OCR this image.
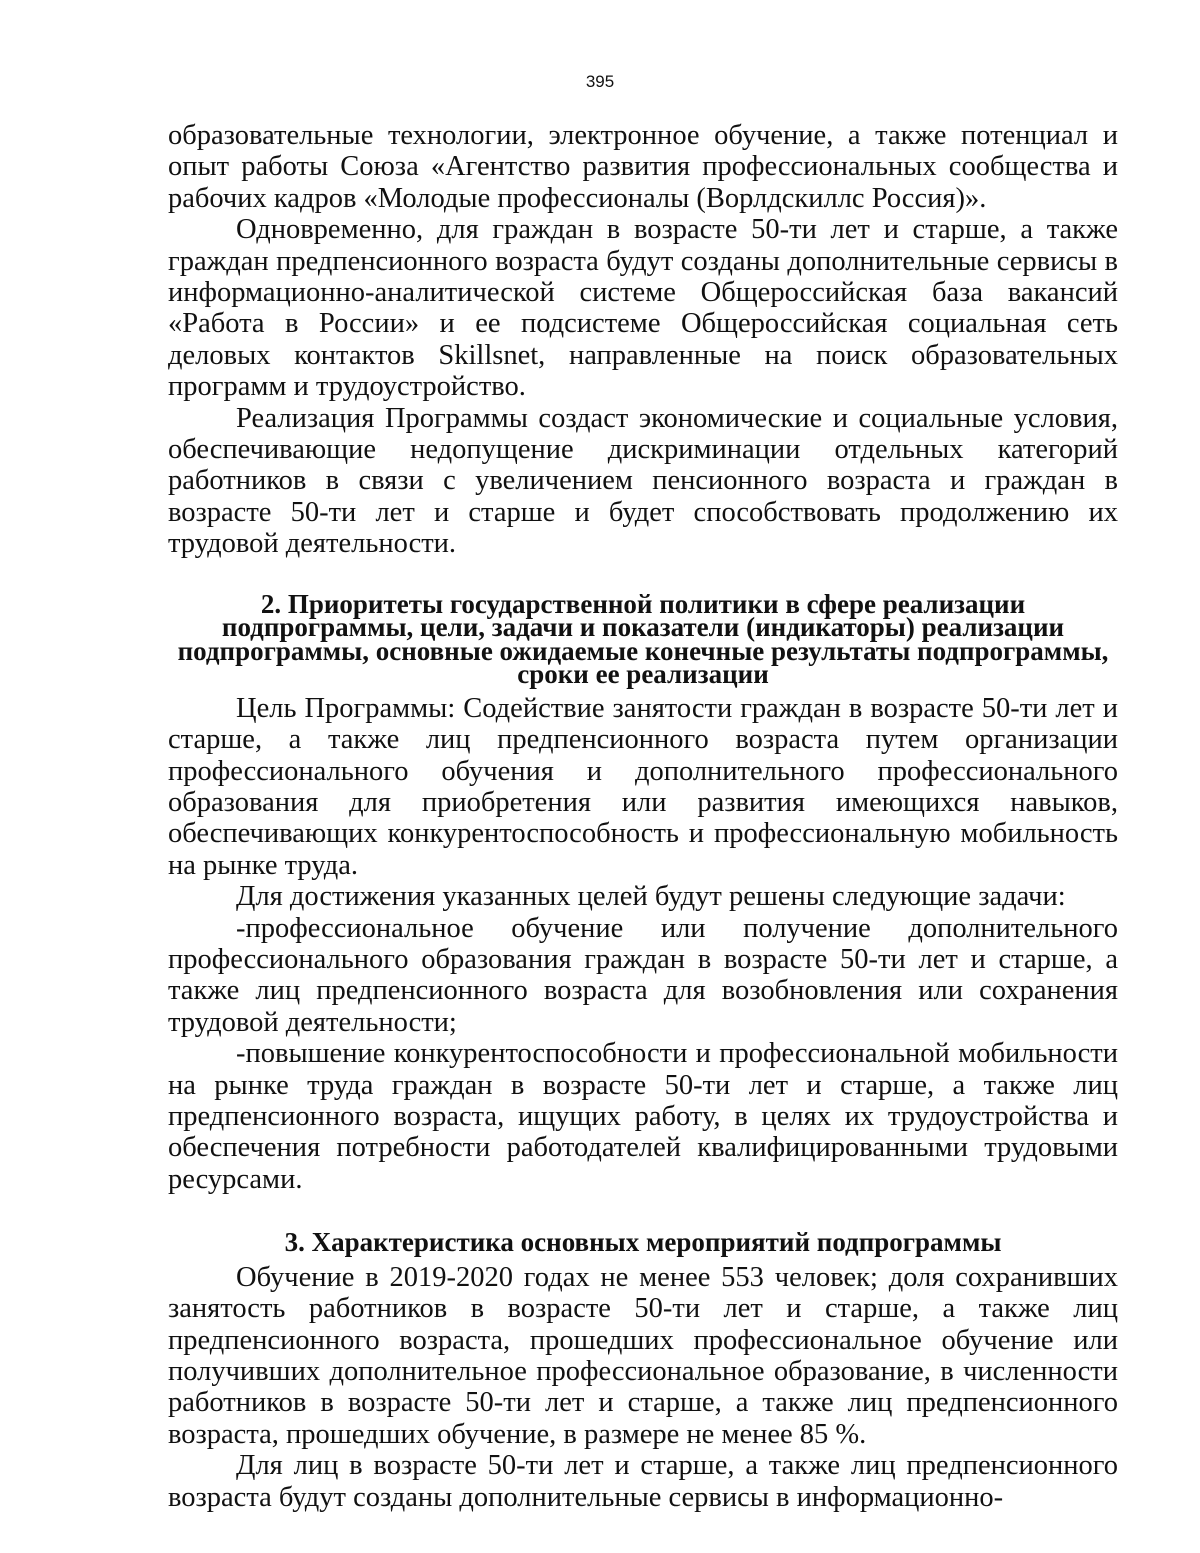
395

образовательные технологии, электронное обучение, а также потенциал и опыт работы Союза «Агентство развития профессиональных сообщества и рабочих кадров «Молодые профессионалы (Ворлдскиллс Россия)».

Одновременно, для граждан в возрасте 50-ти лет и старше, а также граждан предпенсионного возраста будут созданы дополнительные сервисы в информационно-аналитической системе Общероссийская база вакансий «Работа в России» и ее подсистеме Общероссийская социальная сеть деловых контактов Skillsnet, направленные на поиск образовательных программ и трудоустройство.

Реализация Программы создаст экономические и социальные условия, обеспечивающие недопущение дискриминации отдельных категорий работников в связи с увеличением пенсионного возраста и граждан в возрасте 50-ти лет и старше и будет способствовать продолжению их трудовой деятельности.

2. Приоритеты государственной политики в сфере реализации подпрограммы, цели, задачи и показатели (индикаторы) реализации подпрограммы, основные ожидаемые конечные результаты подпрограммы, сроки ее реализации

Цель Программы: Содействие занятости граждан в возрасте 50-ти лет и старше, а также лиц предпенсионного возраста путем организации профессионального обучения и дополнительного профессионального образования для приобретения или развития имеющихся навыков, обеспечивающих конкурентоспособность и профессиональную мобильность на рынке труда.

Для достижения указанных целей будут решены следующие задачи:

-профессиональное обучение или получение дополнительного профессионального образования граждан в возрасте 50-ти лет и старше, а также лиц предпенсионного возраста для возобновления или сохранения трудовой деятельности;

-повышение конкурентоспособности и профессиональной мобильности на рынке труда граждан в возрасте 50-ти лет и старше, а также лиц предпенсионного возраста, ищущих работу, в целях их трудоустройства и обеспечения потребности работодателей квалифицированными трудовыми ресурсами.

3. Характеристика основных мероприятий подпрограммы

Обучение в 2019-2020 годах не менее 553 человек; доля сохранивших занятость работников в возрасте 50-ти лет и старше, а также лиц предпенсионного возраста, прошедших профессиональное обучение или получивших дополнительное профессиональное образование, в численности работников в возрасте 50-ти лет и старше, а также лиц предпенсионного возраста, прошедших обучение, в размере не менее 85 %.

Для лиц в возрасте 50-ти лет и старше, а также лиц предпенсионного возраста будут созданы дополнительные сервисы в информационно-
